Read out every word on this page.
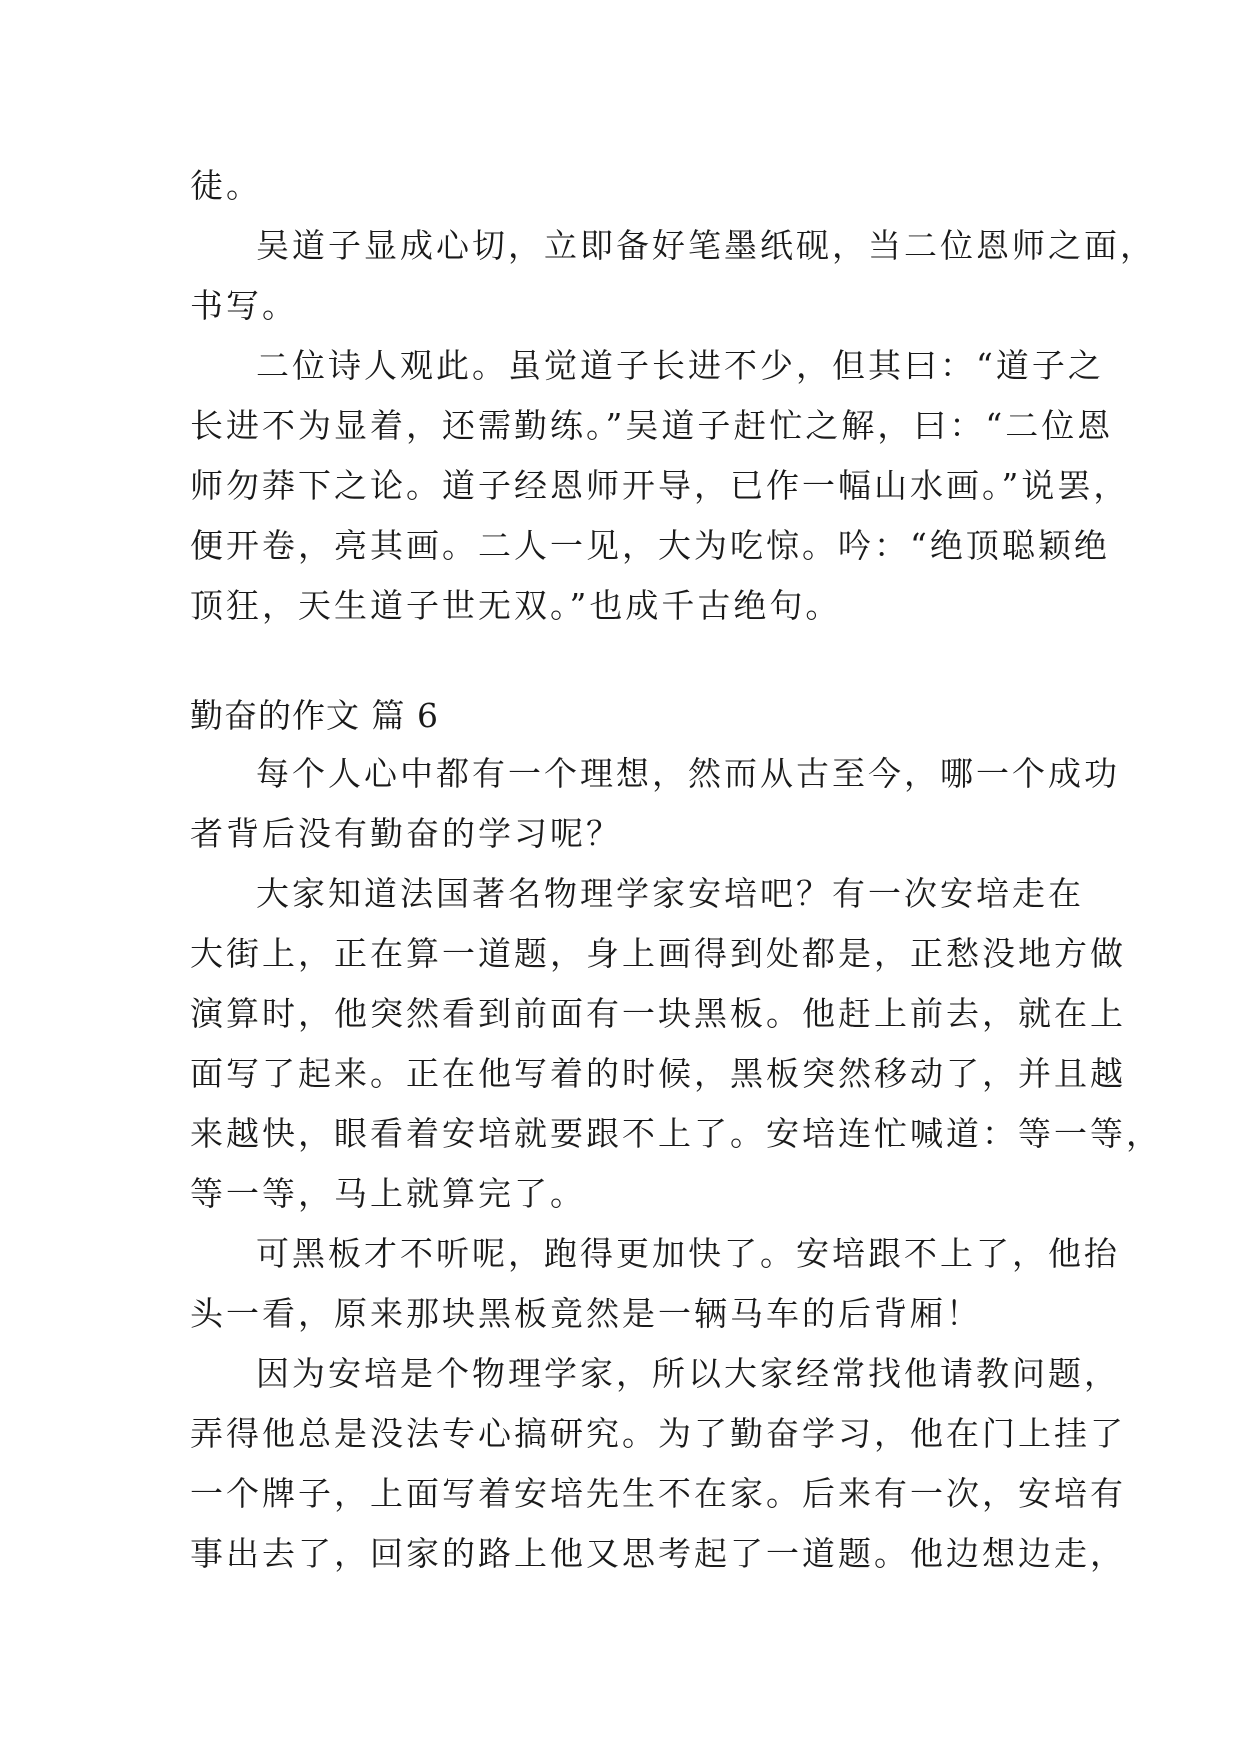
徒。
吴道子显成心切，立即备好笔墨纸砚，当二位恩师之面，
书写。
二位诗人观此。虽觉道子长进不少，但其曰：“道子之
长进不为显着，还需勤练。”吴道子赶忙之解，曰：“二位恩
师勿莽下之论。道子经恩师开导，已作一幅山水画。”说罢，
便开卷，亮其画。二人一见，大为吃惊。吟：“绝顶聪颖绝
顶狂，天生道子世无双。”也成千古绝句。
勤奋的作文 篇 6
每个人心中都有一个理想，然而从古至今，哪一个成功
者背后没有勤奋的学习呢？
大家知道法国著名物理学家安培吧？有一次安培走在
大街上，正在算一道题，身上画得到处都是，正愁没地方做
演算时，他突然看到前面有一块黑板。他赶上前去，就在上
面写了起来。正在他写着的时候，黑板突然移动了，并且越
来越快，眼看着安培就要跟不上了。安培连忙喊道：等一等，
等一等，马上就算完了。
可黑板才不听呢，跑得更加快了。安培跟不上了，他抬
头一看，原来那块黑板竟然是一辆马车的后背厢！
因为安培是个物理学家，所以大家经常找他请教问题，
弄得他总是没法专心搞研究。为了勤奋学习，他在门上挂了
一个牌子，上面写着安培先生不在家。后来有一次，安培有
事出去了，回家的路上他又思考起了一道题。他边想边走，
